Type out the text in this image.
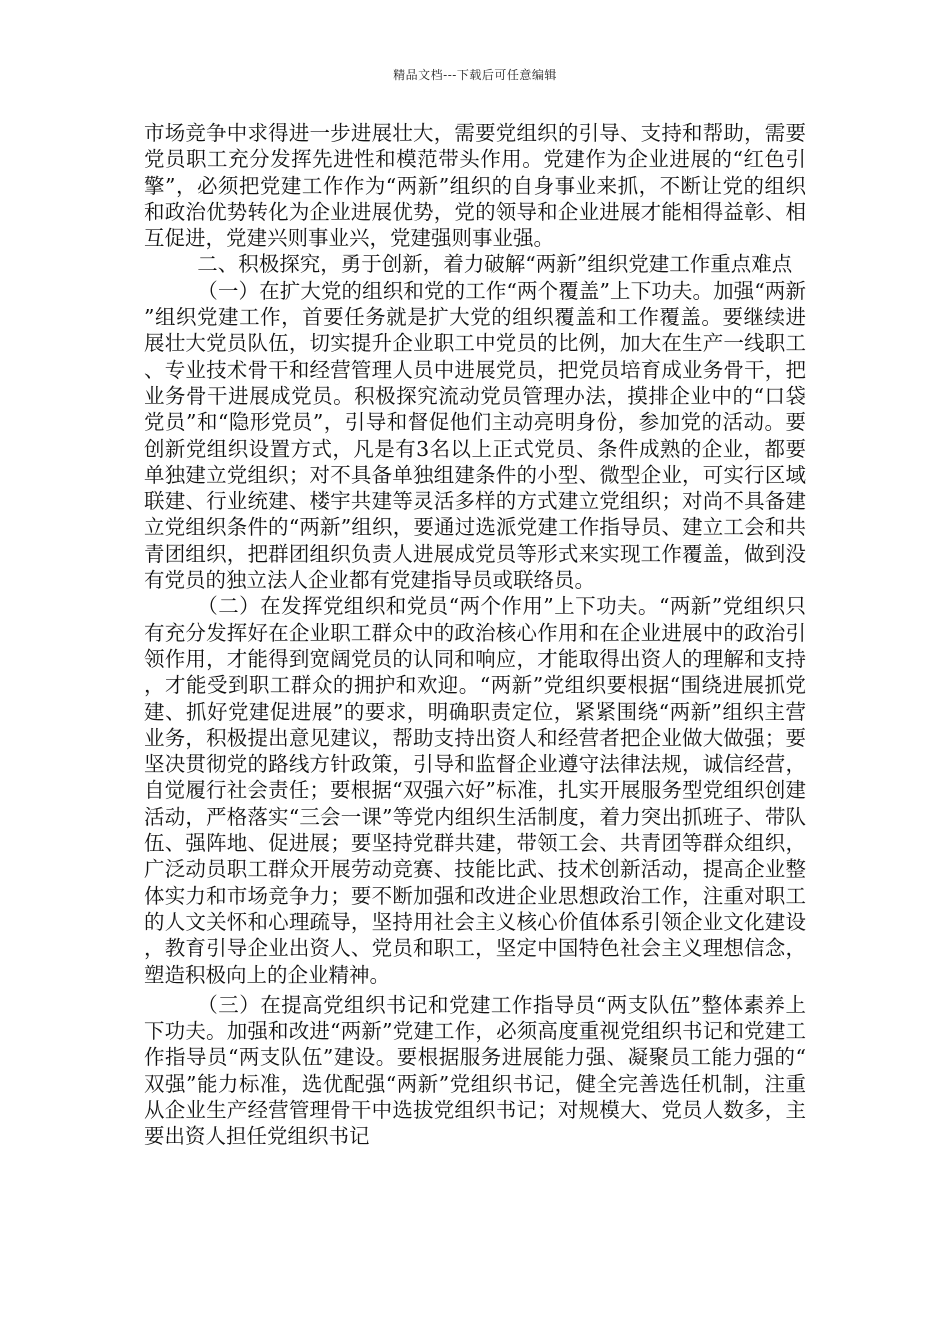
精品文档---下载后可任意编辑

市场竞争中求得进一步进展壮大，需要党组织的引导、支持和帮助，需要党员职工充分发挥先进性和模范带头作用。党建作为企业进展的“红色引擎”，必须把党建工作作为“两新”组织的自身事业来抓，不断让党的组织和政治优势转化为企业进展优势，党的领导和企业进展才能相得益彰、相互促进，党建兴则事业兴，党建强则事业强。

二、积极探究，勇于创新，着力破解“两新”组织党建工作重点难点

（一）在扩大党的组织和党的工作“两个覆盖”上下功夫。加强“两新”组织党建工作，首要任务就是扩大党的组织覆盖和工作覆盖。要继续进展壮大党员队伍，切实提升企业职工中党员的比例，加大在生产一线职工、专业技术骨干和经营管理人员中进展党员，把党员培育成业务骨干，把业务骨干进展成党员。积极探究流动党员管理办法，摸排企业中的“口袋党员”和“隐形党员”，引导和督促他们主动亮明身份，参加党的活动。要创新党组织设置方式，凡是有3名以上正式党员、条件成熟的企业，都要单独建立党组织；对不具备单独组建条件的小型、微型企业，可实行区域联建、行业统建、楼宇共建等灵活多样的方式建立党组织；对尚不具备建立党组织条件的“两新”组织，要通过选派党建工作指导员、建立工会和共青团组织，把群团组织负责人进展成党员等形式来实现工作覆盖，做到没有党员的独立法人企业都有党建指导员或联络员。

（二）在发挥党组织和党员“两个作用”上下功夫。“两新”党组织只有充分发挥好在企业职工群众中的政治核心作用和在企业进展中的政治引领作用，才能得到宽阔党员的认同和响应，才能取得出资人的理解和支持，才能受到职工群众的拥护和欢迎。“两新”党组织要根据“围绕进展抓党建、抓好党建促进展”的要求，明确职责定位，紧紧围绕“两新”组织主营业务，积极提出意见建议，帮助支持出资人和经营者把企业做大做强；要坚决贯彻党的路线方针政策，引导和监督企业遵守法律法规，诚信经营，自觉履行社会责任；要根据“双强六好”标准，扎实开展服务型党组织创建活动，严格落实“三会一课”等党内组织生活制度，着力突出抓班子、带队伍、强阵地、促进展；要坚持党群共建，带领工会、共青团等群众组织，广泛动员职工群众开展劳动竞赛、技能比武、技术创新活动，提高企业整体实力和市场竞争力；要不断加强和改进企业思想政治工作，注重对职工的人文关怀和心理疏导，坚持用社会主义核心价值体系引领企业文化建设，教育引导企业出资人、党员和职工，坚定中国特色社会主义理想信念，塑造积极向上的企业精神。

（三）在提高党组织书记和党建工作指导员“两支队伍”整体素养上下功夫。加强和改进“两新”党建工作，必须高度重视党组织书记和党建工作指导员“两支队伍”建设。要根据服务进展能力强、凝聚员工能力强的“双强”能力标准，选优配强“两新”党组织书记，健全完善选任机制，注重从企业生产经营管理骨干中选拔党组织书记；对规模大、党员人数多，主要出资人担任党组织书记
